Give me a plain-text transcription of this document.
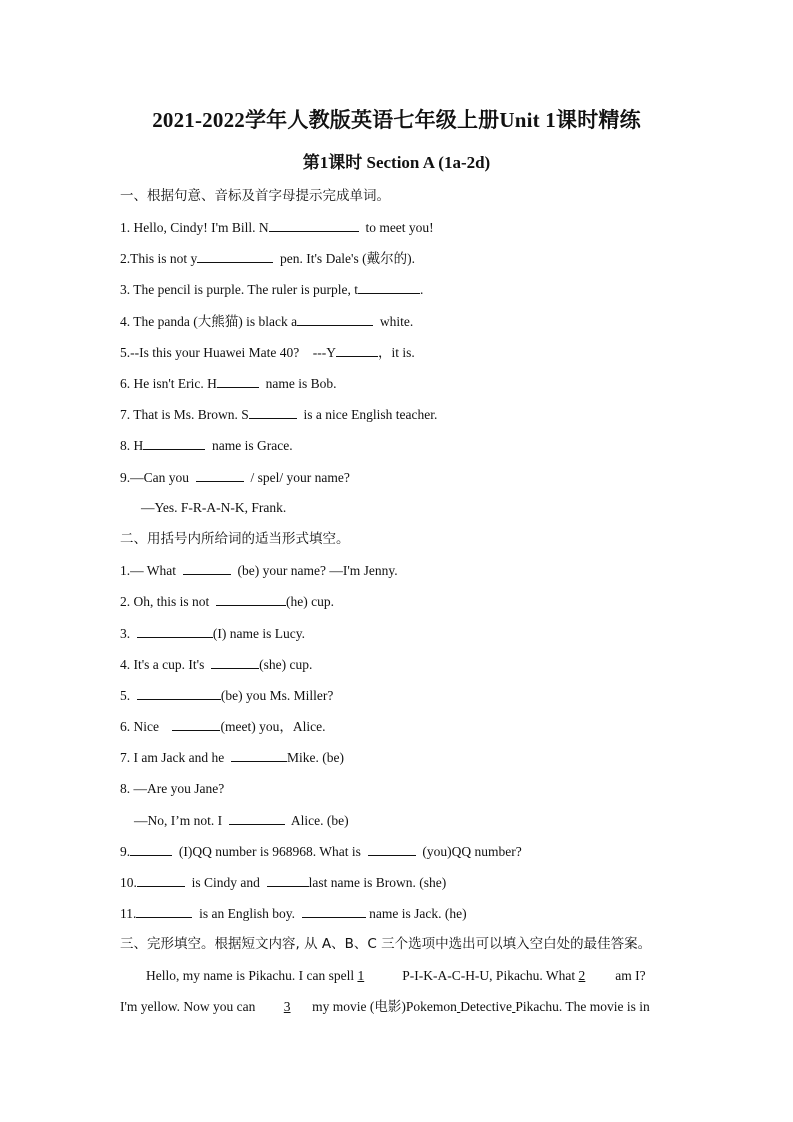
2021-2022学年人教版英语七年级上册Unit 1课时精练
第1课时 Section A (1a-2d)
一、根据句意、音标及首字母提示完成单词。
1. Hello, Cindy! I'm Bill. N	to meet you!
2.This is not y	pen. It's Dale's (戴尔的).
3. The pencil is purple. The ruler is purple, t	.
4. The panda (大熊猫) is black a	white.
5.--Is this your Huawei Mate 40?    ---Y	，it is.
6. He isn't Eric. H	name is Bob.
7. That is Ms. Brown. S	is a nice English teacher.
8. H	name is Grace.
9.—Can you	/ spel/ your name?
—Yes. F-R-A-N-K, Frank.
二、用括号内所给词的适当形式填空。
1.— What	(be) your name? —I'm Jenny.
2. Oh, this is not	(he) cup.
3.	(I) name is Lucy.
4. It's a cup. It's	(she) cup.
5.	(be) you Ms. Miller?
6. Nice	(meet) you，Alice.
7. I am Jack and he	Mike. (be)
8. —Are you Jane?
—No, I’m not. I	Alice. (be)
9.	(I)QQ number is 968968. What is	(you)QQ number?
10.	is Cindy and	last name is Brown. (she)
11.	is an English boy.	name is Jack. (he)
三、完形填空。根据短文内容, 从 A、B、C 三个选项中选出可以填入空白处的最佳答案。
Hello, my name is Pikachu. I can spell 1  P-I-K-A-C-H-U, Pikachu. What 2  am I?
I'm yellow. Now you can  3 my movie (电影)Pokemon Detective Pikachu. The movie is in
